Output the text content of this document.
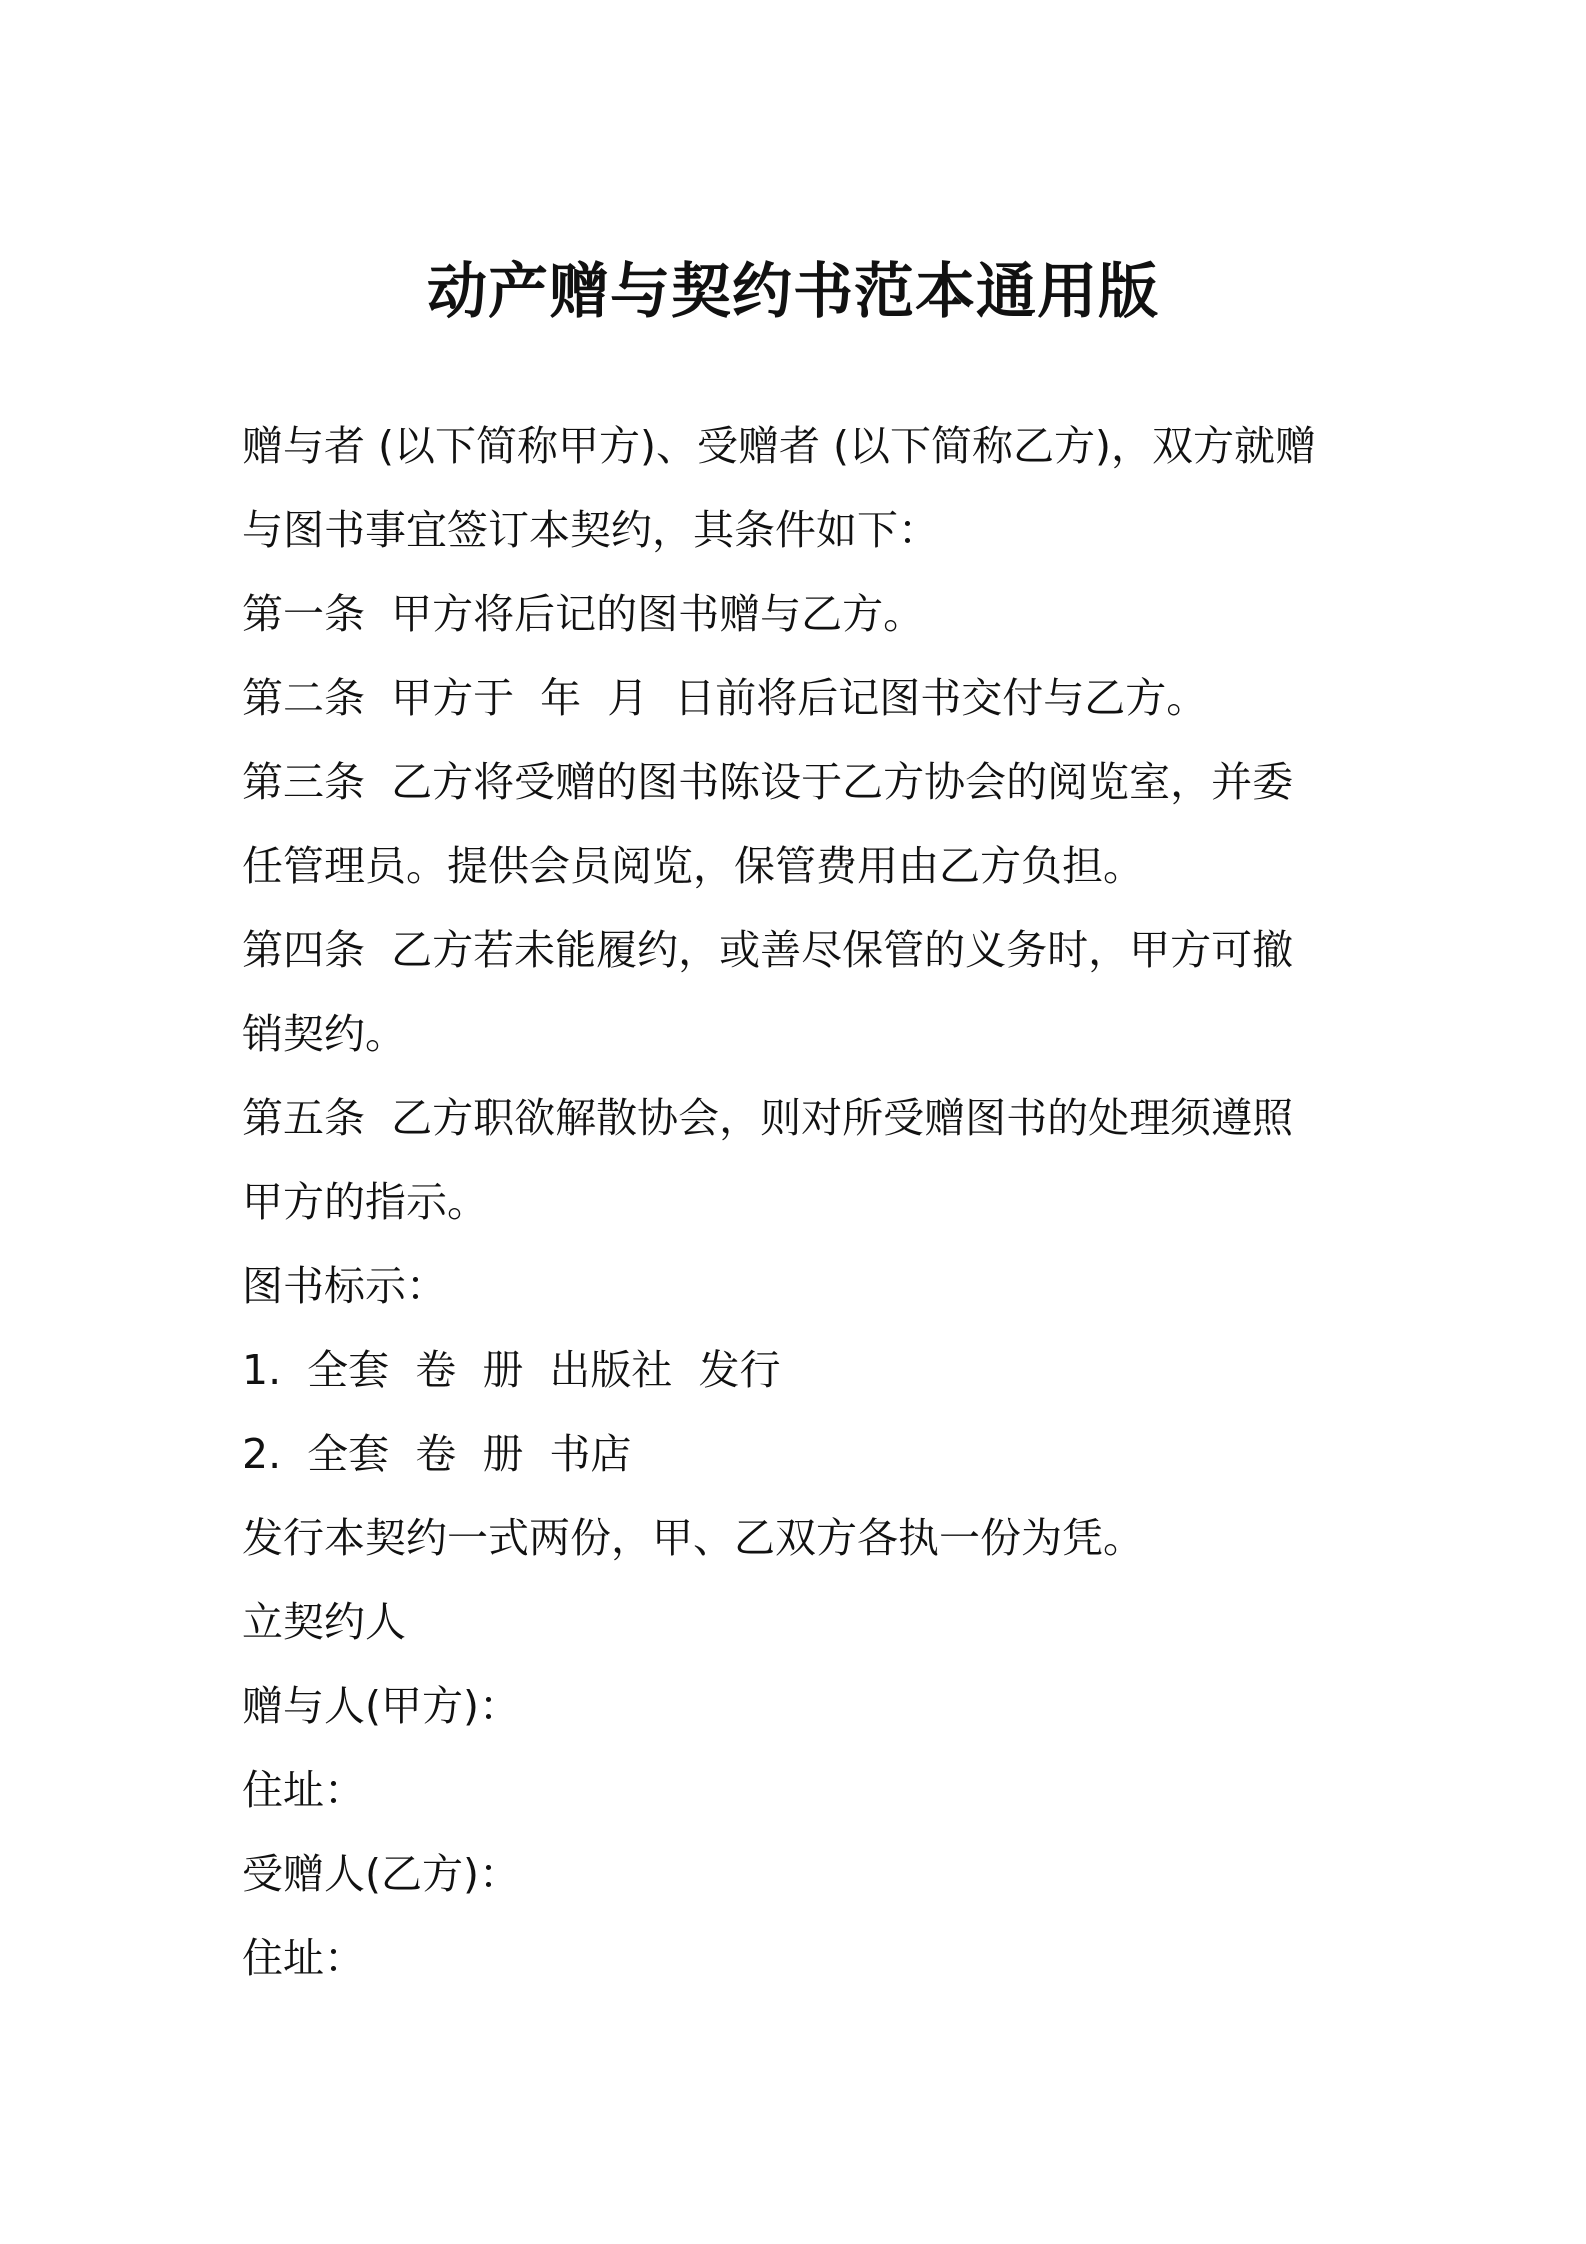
动产赠与契约书范本通用版
赠与者 (以下简称甲方)、受赠者 (以下简称乙方)，双方就赠
与图书事宜签订本契约，其条件如下：
第一条  甲方将后记的图书赠与乙方。
第二条  甲方于  年  月  日前将后记图书交付与乙方。
第三条  乙方将受赠的图书陈设于乙方协会的阅览室，并委
任管理员。提供会员阅览，保管费用由乙方负担。
第四条  乙方若未能履约，或善尽保管的义务时，甲方可撤
销契约。
第五条  乙方职欲解散协会，则对所受赠图书的处理须遵照
甲方的指示。
图书标示：
1.  全套  卷  册  出版社  发行
2.  全套  卷  册  书店
发行本契约一式两份，甲、乙双方各执一份为凭。
立契约人
赠与人(甲方)：
住址：
受赠人(乙方)：
住址：
